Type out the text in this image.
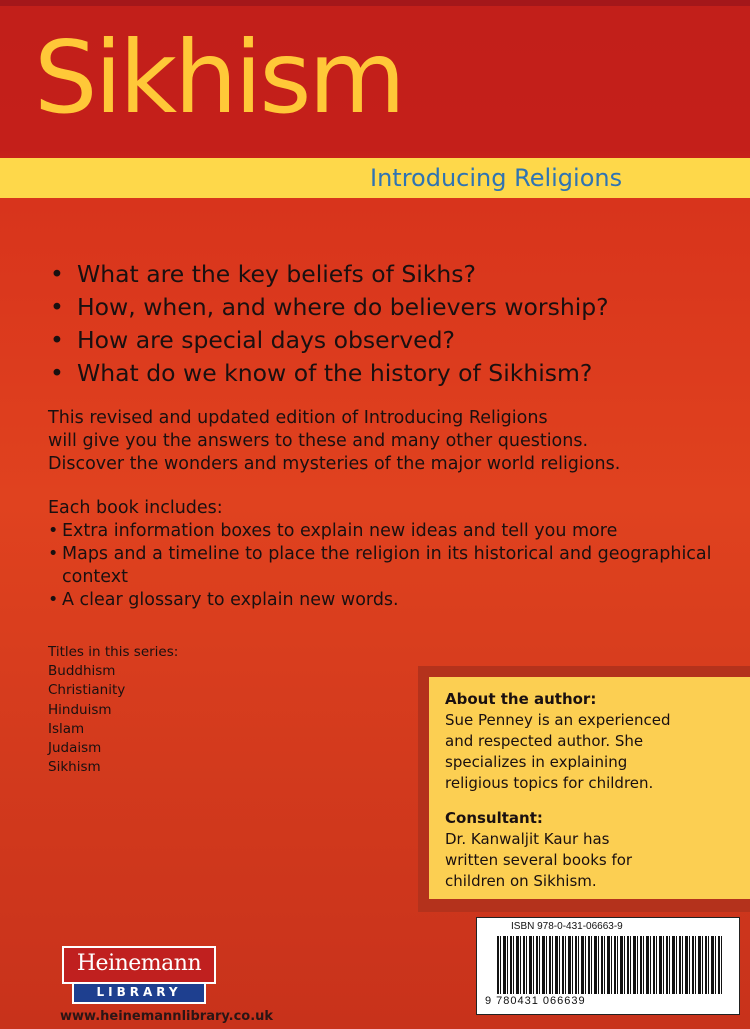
Sikhism
Introducing Religions
• What are the key beliefs of Sikhs?
• How, when, and where do believers worship?
• How are special days observed?
• What do we know of the history of Sikhism?
This revised and updated edition of Introducing Religions
will give you the answers to these and many other questions.
Discover the wonders and mysteries of the major world religions.
Each book includes:
• Extra information boxes to explain new ideas and tell you more
• Maps and a timeline to place the religion in its historical and geographical context
• A clear glossary to explain new words.
Titles in this series:
Buddhism
Christianity
Hinduism
Islam
Judaism
Sikhism
About the author:
Sue Penney is an experienced
and respected author. She
specializes in explaining
religious topics for children.
Consultant:
Dr. Kanwaljit Kaur has
written several books for
children on Sikhism.
ISBN 978-0-431-06663-9
9 780431 066639
Heinemann
LIBRARY
www.heinemannlibrary.co.uk
